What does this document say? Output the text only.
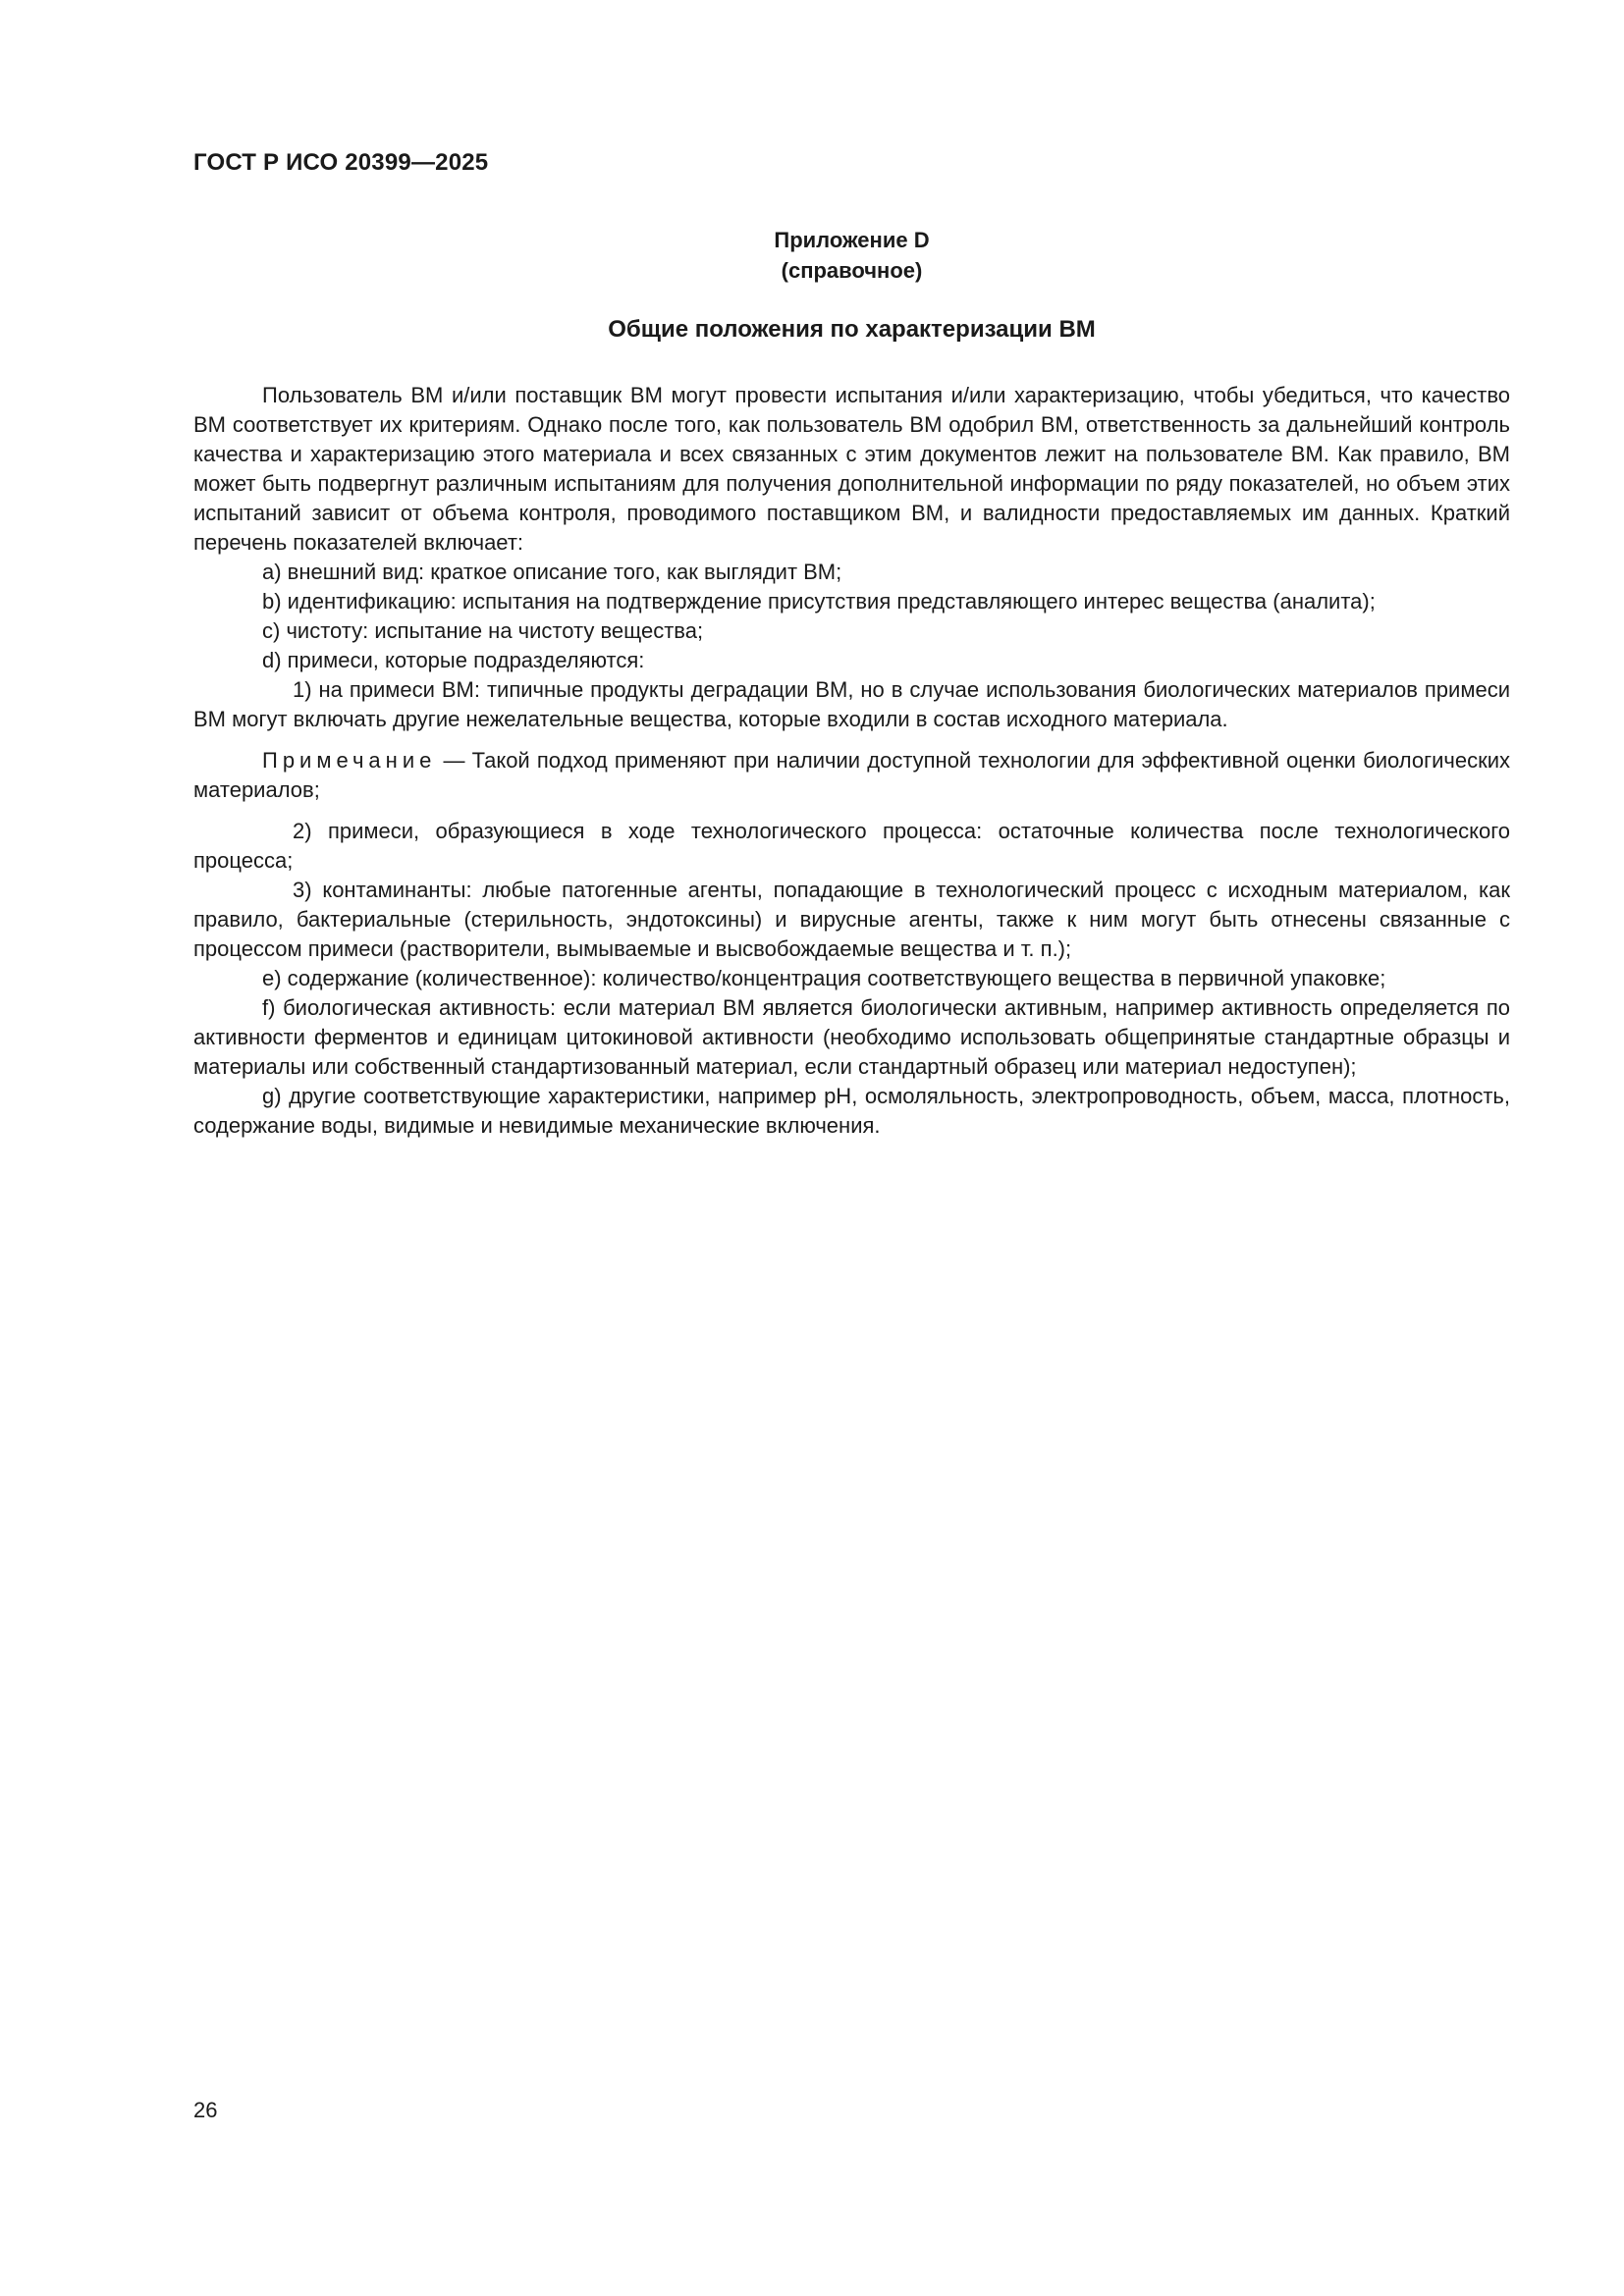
ГОСТ Р ИСО 20399—2025
Приложение D
(справочное)
Общие положения по характеризации ВМ

Пользователь ВМ и/или поставщик ВМ могут провести испытания и/или характеризацию, чтобы убедиться, что качество ВМ соответствует их критериям. Однако после того, как пользователь ВМ одобрил ВМ, ответственность за дальнейший контроль качества и характеризацию этого материала и всех связанных с этим документов лежит на пользователе ВМ. Как правило, ВМ может быть подвергнут различным испытаниям для получения дополнительной информации по ряду показателей, но объем этих испытаний зависит от объема контроля, проводимого поставщиком ВМ, и валидности предоставляемых им данных. Краткий перечень показателей включает:

a) внешний вид: краткое описание того, как выглядит ВМ;

b) идентификацию: испытания на подтверждение присутствия представляющего интерес вещества (аналита);

c) чистоту: испытание на чистоту вещества;

d) примеси, которые подразделяются:

1) на примеси ВМ: типичные продукты деградации ВМ, но в случае использования биологических материалов примеси ВМ могут включать другие нежелательные вещества, которые входили в состав исходного материала.

Примечание — Такой подход применяют при наличии доступной технологии для эффективной оценки биологических материалов;

2) примеси, образующиеся в ходе технологического процесса: остаточные количества после технологического процесса;

3) контаминанты: любые патогенные агенты, попадающие в технологический процесс с исходным материалом, как правило, бактериальные (стерильность, эндотоксины) и вирусные агенты, также к ним могут быть отнесены связанные с процессом примеси (растворители, вымываемые и высвобождаемые вещества и т. п.);

e) содержание (количественное): количество/концентрация соответствующего вещества в первичной упаковке;

f) биологическая активность: если материал ВМ является биологически активным, например активность определяется по активности ферментов и единицам цитокиновой активности (необходимо использовать общепринятые стандартные образцы и материалы или собственный стандартизованный материал, если стандартный образец или материал недоступен);

g) другие соответствующие характеристики, например pH, осмоляльность, электропроводность, объем, масса, плотность, содержание воды, видимые и невидимые механические включения.

26
